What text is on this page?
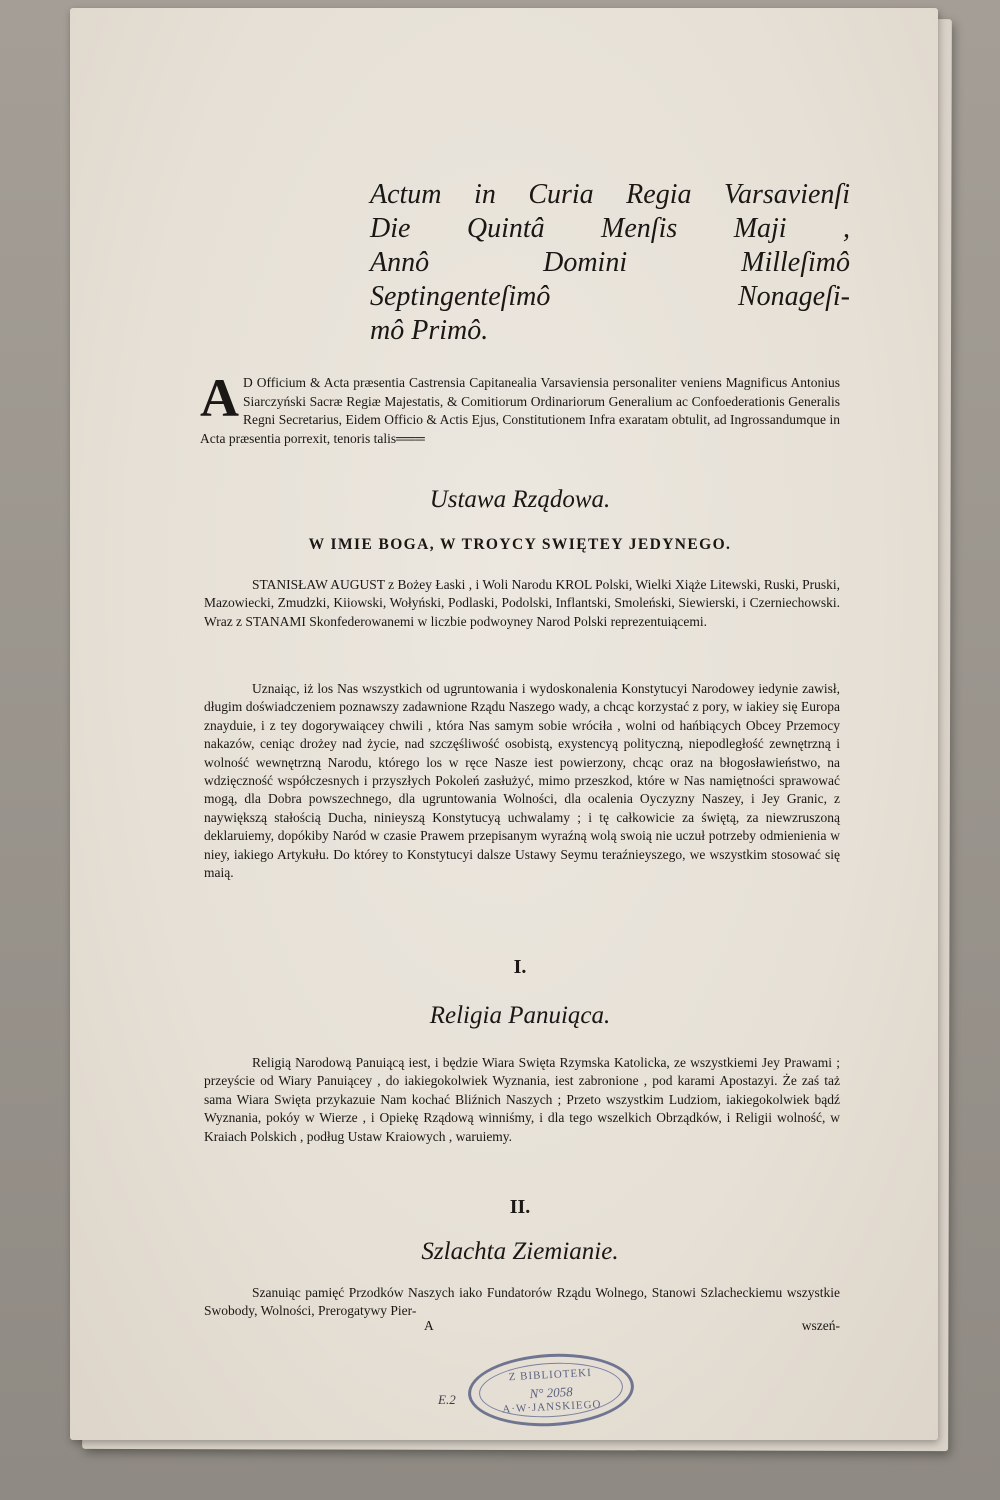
Actum in Curia Regia Varsavienſi
Die Quintâ Menſis Maji ,
Annô Domini Milleſimô
Septingenteſimô Nonageſi-
mô Primô.
A D Officium & Acta præsentia Castrensia Capitanealia Varsaviensia personaliter veniens Magnificus Antonius Siarczyński Sacræ Regiæ Majestatis, & Comitiorum Ordinariorum Generalium ac Confoederationis Generalis Regni Secretarius, Eidem Officio & Actis Ejus, Constitutionem Infra exaratam obtulit, ad Ingrossandumque in Acta præsentia porrexit, tenoris talis═══
Ustawa Rządowa.
W IMIE BOGA, W TROYCY SWIĘTEY JEDYNEGO.
STANISŁAW AUGUST z Bożey Łaski , i Woli Narodu KROL Polski, Wielki Xiąże Litewski, Ruski, Pruski, Mazowiecki, Zmudzki, Kiiowski, Wołyński, Podlaski, Podolski, Inflantski, Smoleński, Siewierski, i Czerniechowski. Wraz z STANAMI Skonfederowanemi w liczbie podwoyney Narod Polski reprezentuiącemi.
Uznaiąc, iż los Nas wszystkich od ugruntowania i wydoskonalenia Konstytucyi Narodowey iedynie zawisł, długim doświadczeniem poznawszy zadawnione Rządu Naszego wady, a chcąc korzystać z pory, w iakiey się Europa znayduie, i z tey dogorywaiącey chwili , która Nas samym sobie wróciła , wolni od hańbiących Obcey Przemocy nakazów, ceniąc drożey nad życie, nad szczęśliwość osobistą, exystencyą polityczną, niepodległość zewnętrzną i wolność wewnętrzną Narodu, którego los w ręce Nasze iest powierzony, chcąc oraz na błogosławieństwo, na wdzięczność współczesnych i przyszłych Pokoleń zasłużyć, mimo przeszkod, które w Nas namiętności sprawować mogą, dla Dobra powszechnego, dla ugruntowania Wolności, dla ocalenia Oyczyzny Naszey, i Jey Granic, z naywiększą stałością Ducha, ninieyszą Konstytucyą uchwalamy ; i tę całkowicie za świętą, za niewzruszoną deklaruiemy, dopókiby Naród w czasie Prawem przepisanym wyraźną wolą swoią nie uczuł potrzeby odmienienia w niey, iakiego Artykułu. Do którey to Konstytucyi dalsze Ustawy Seymu teraźnieyszego, we wszystkim stosować się maią.
I.
Religia Panuiąca.
Religią Narodową Panuiącą iest, i będzie Wiara Swięta Rzymska Katolicka, ze wszystkiemi Jey Prawami ; przeyście od Wiary Panuiącey , do iakiegokolwiek Wyznania, iest zabronione , pod karami Apostazyi. Że zaś taż sama Wiara Swięta przykazuie Nam kochać Bliźnich Naszych ; Przeto wszystkim Ludziom, iakiegokolwiek bądź Wyznania, pokóy w Wierze , i Opiekę Rządową winniśmy, i dla tego wszelkich Obrządków, i Religii wolność, w Kraiach Polskich , podług Ustaw Kraiowych , waruiemy.
II.
Szlachta Ziemianie.
Szanuiąc pamięć Przodków Naszych iako Fundatorów Rządu Wolnego, Stanowi Szlacheckiemu wszystkie Swobody, Wolności, Prerogatywy Pier-
A	wszeń-
E.2
Z BIBLIOTEKI
N° 2058
A·W·JANSKIEGO
